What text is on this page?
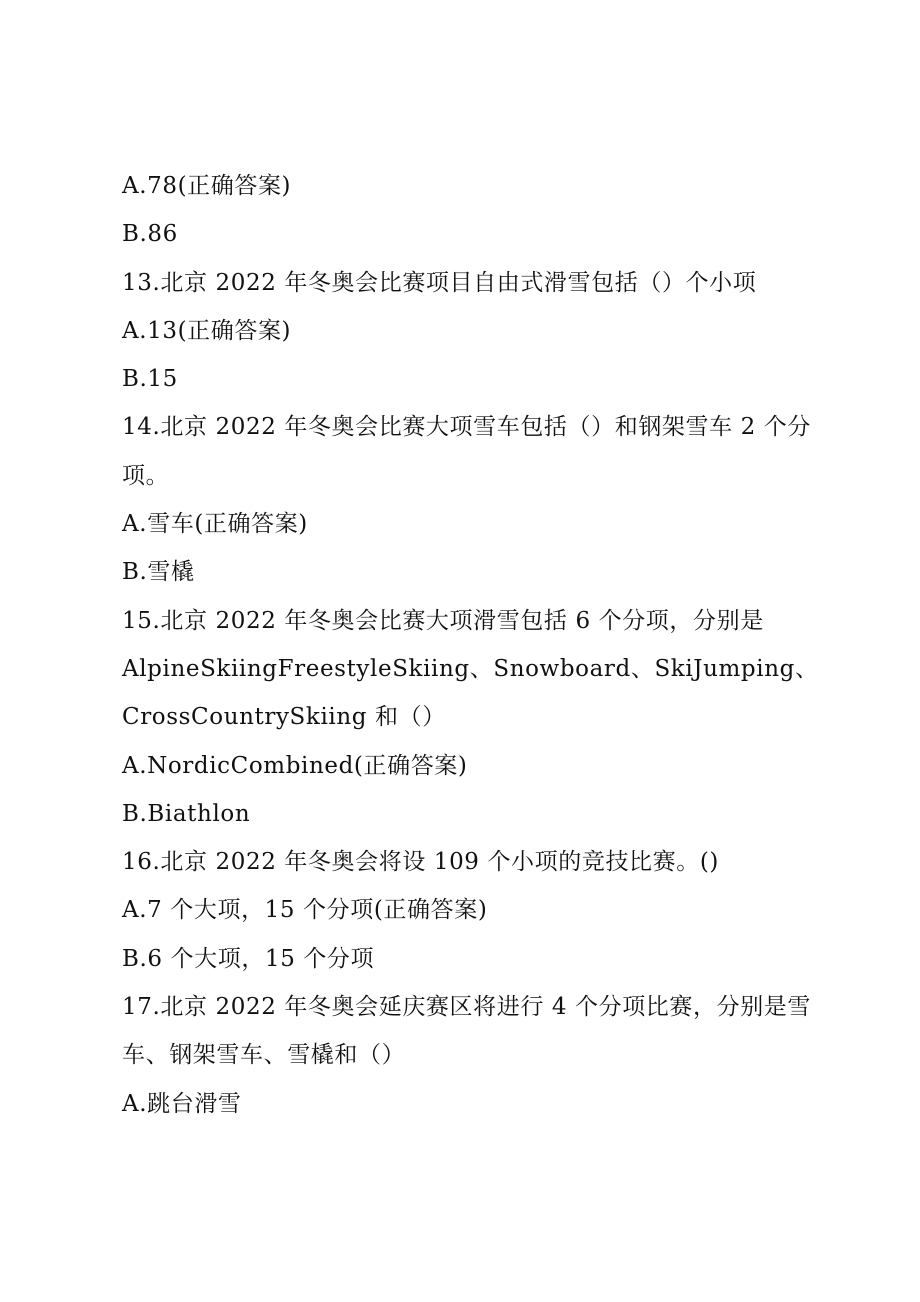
A.78(正确答案)
B.86
13.北京 2022 年冬奥会比赛项目自由式滑雪包括（）个小项
A.13(正确答案)
B.15
14.北京 2022 年冬奥会比赛大项雪车包括（）和钢架雪车 2 个分
项。
A.雪车(正确答案)
B.雪橇
15.北京 2022 年冬奥会比赛大项滑雪包括 6 个分项，分别是
AlpineSkiingFreestyleSkiing、Snowboard、SkiJumping、
CrossCountrySkiing 和（）
A.NordicCombined(正确答案)
B.Biathlon
16.北京 2022 年冬奥会将设 109 个小项的竞技比赛。()
A.7 个大项，15 个分项(正确答案)
B.6 个大项，15 个分项
17.北京 2022 年冬奥会延庆赛区将进行 4 个分项比赛，分别是雪
车、钢架雪车、雪橇和（）
A.跳台滑雪
